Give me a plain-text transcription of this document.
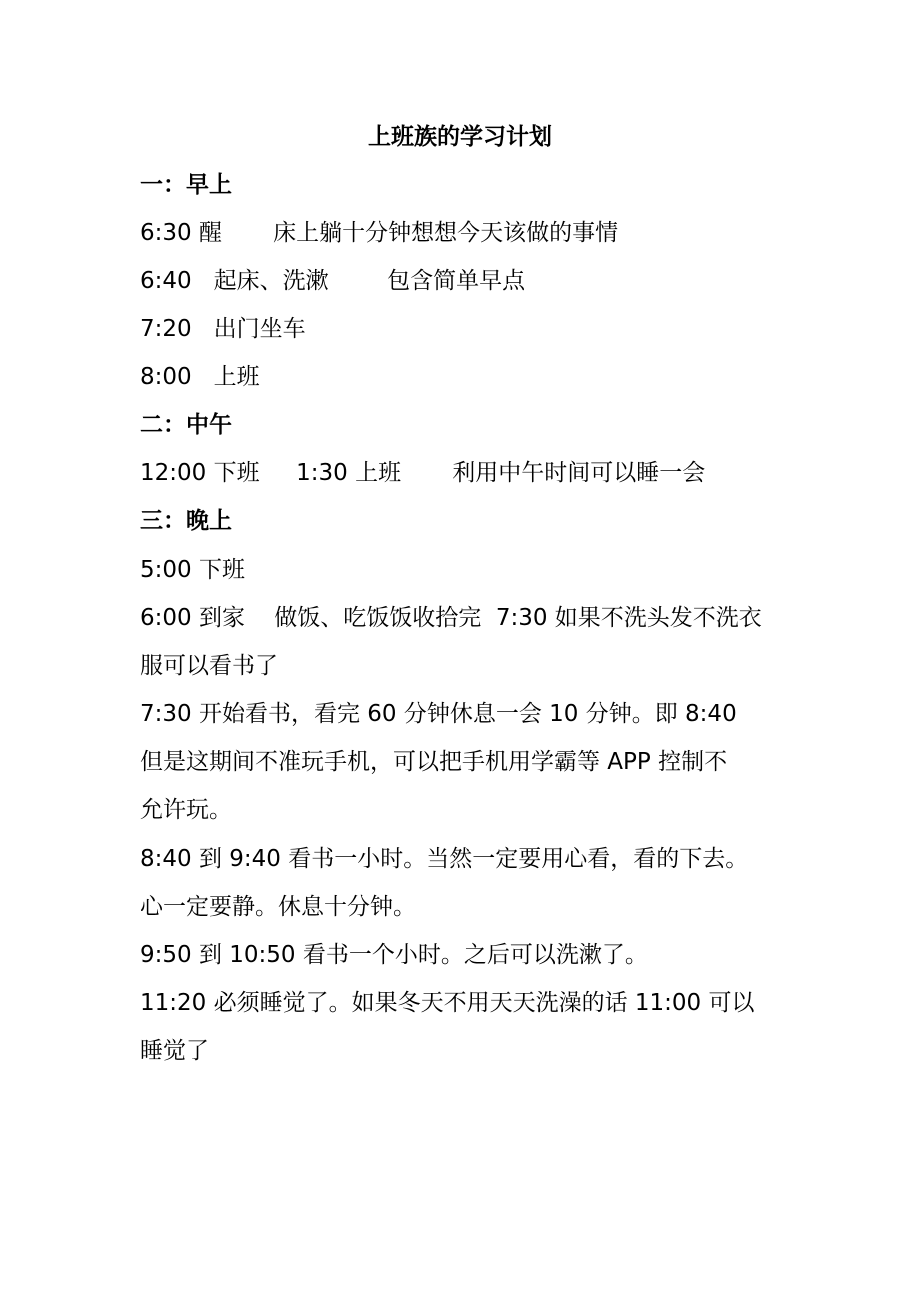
上班族的学习计划
一：早上
6:30 醒       床上躺十分钟想想今天该做的事情
6:40   起床、洗漱        包含简单早点
7:20   出门坐车
8:00   上班
二：中午
12:00 下班     1:30 上班       利用中午时间可以睡一会
三：晚上
5:00 下班
6:00 到家    做饭、吃饭饭收拾完  7:30 如果不洗头发不洗衣
服可以看书了
7:30 开始看书，看完 60 分钟休息一会 10 分钟。即 8:40
但是这期间不准玩手机，可以把手机用学霸等 APP 控制不
允许玩。
8:40 到 9:40 看书一小时。当然一定要用心看，看的下去。
心一定要静。休息十分钟。
9:50 到 10:50 看书一个小时。之后可以洗漱了。
11:20 必须睡觉了。如果冬天不用天天洗澡的话 11:00 可以
睡觉了
